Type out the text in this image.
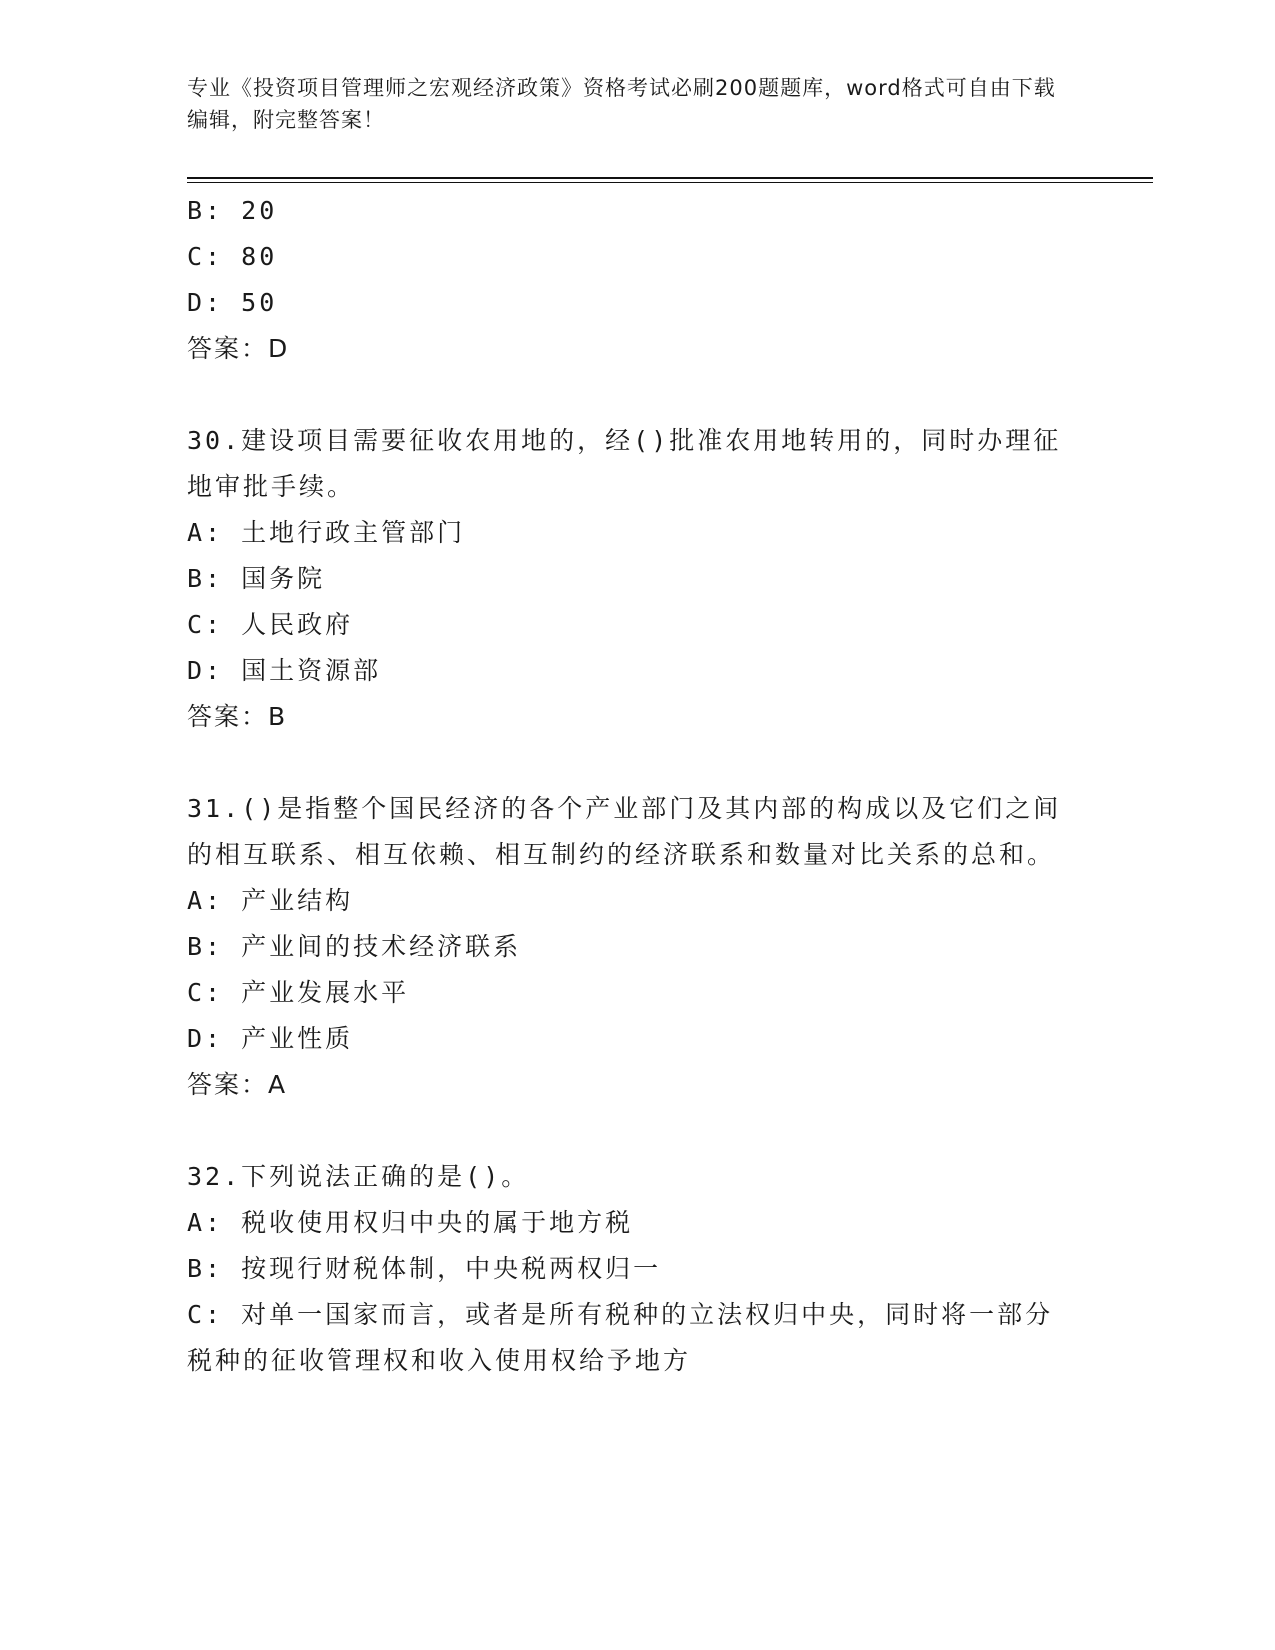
专业《投资项目管理师之宏观经济政策》资格考试必刷200题题库，word格式可自由下载编辑，附完整答案！
B: 20
C: 80
D: 50
答案：D
30.建设项目需要征收农用地的，经()批准农用地转用的，同时办理征地审批手续。
A: 土地行政主管部门
B: 国务院
C: 人民政府
D: 国土资源部
答案：B
31.()是指整个国民经济的各个产业部门及其内部的构成以及它们之间的相互联系、相互依赖、相互制约的经济联系和数量对比关系的总和。
A: 产业结构
B: 产业间的技术经济联系
C: 产业发展水平
D: 产业性质
答案：A
32.下列说法正确的是()。
A: 税收使用权归中央的属于地方税
B: 按现行财税体制，中央税两权归一
C: 对单一国家而言，或者是所有税种的立法权归中央，同时将一部分税种的征收管理权和收入使用权给予地方
